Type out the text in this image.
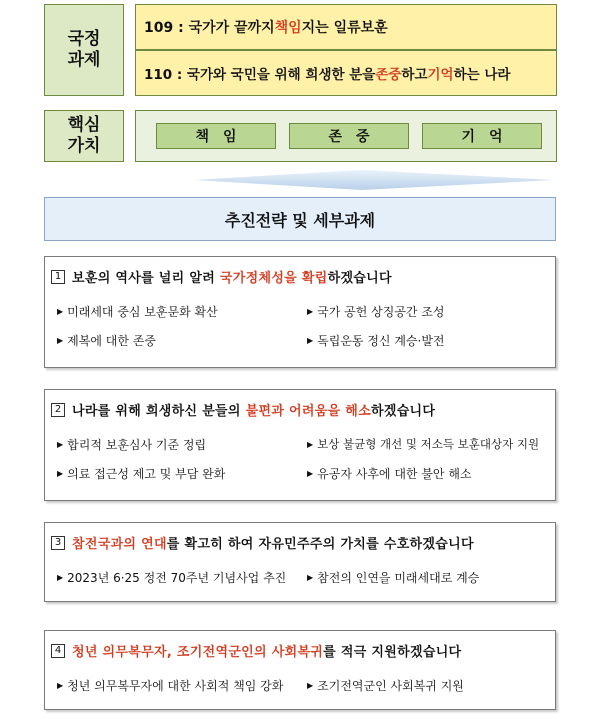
국정
과제
109 : 국가가 끝까지 책임 지는 일류보훈
110 : 국가와 국민을 위해 희생한 분을 존중 하고 기억 하는 나라
핵심
가치	책임	존중	기억
추진전략 및 세부과제
1 보훈의 역사를 널리 알려 국가정체성을 확립하겠습니다
▶ 미래세대 중심 보훈문화 확산	▶ 국가 공헌 상징공간 조성
▶ 제복에 대한 존중	▶ 독립운동 정신 계승·발전
2 나라를 위해 희생하신 분들의 불편과 어려움을 해소하겠습니다
▶ 합리적 보훈심사 기준 정립	▶ 보상 불균형 개선 및 저소득 보훈대상자 지원
▶ 의료 접근성 제고 및 부담 완화	▶ 유공자 사후에 대한 불안 해소
3 참전국과의 연대를 확고히 하여 자유민주주의 가치를 수호하겠습니다
▶ 2023년 6·25 정전 70주년 기념사업 추진	▶ 참전의 인연을 미래세대로 계승
4 청년 의무복무자, 조기전역군인의 사회복귀를 적극 지원하겠습니다
▶ 청년 의무복무자에 대한 사회적 책임 강화	▶ 조기전역군인 사회복귀 지원
